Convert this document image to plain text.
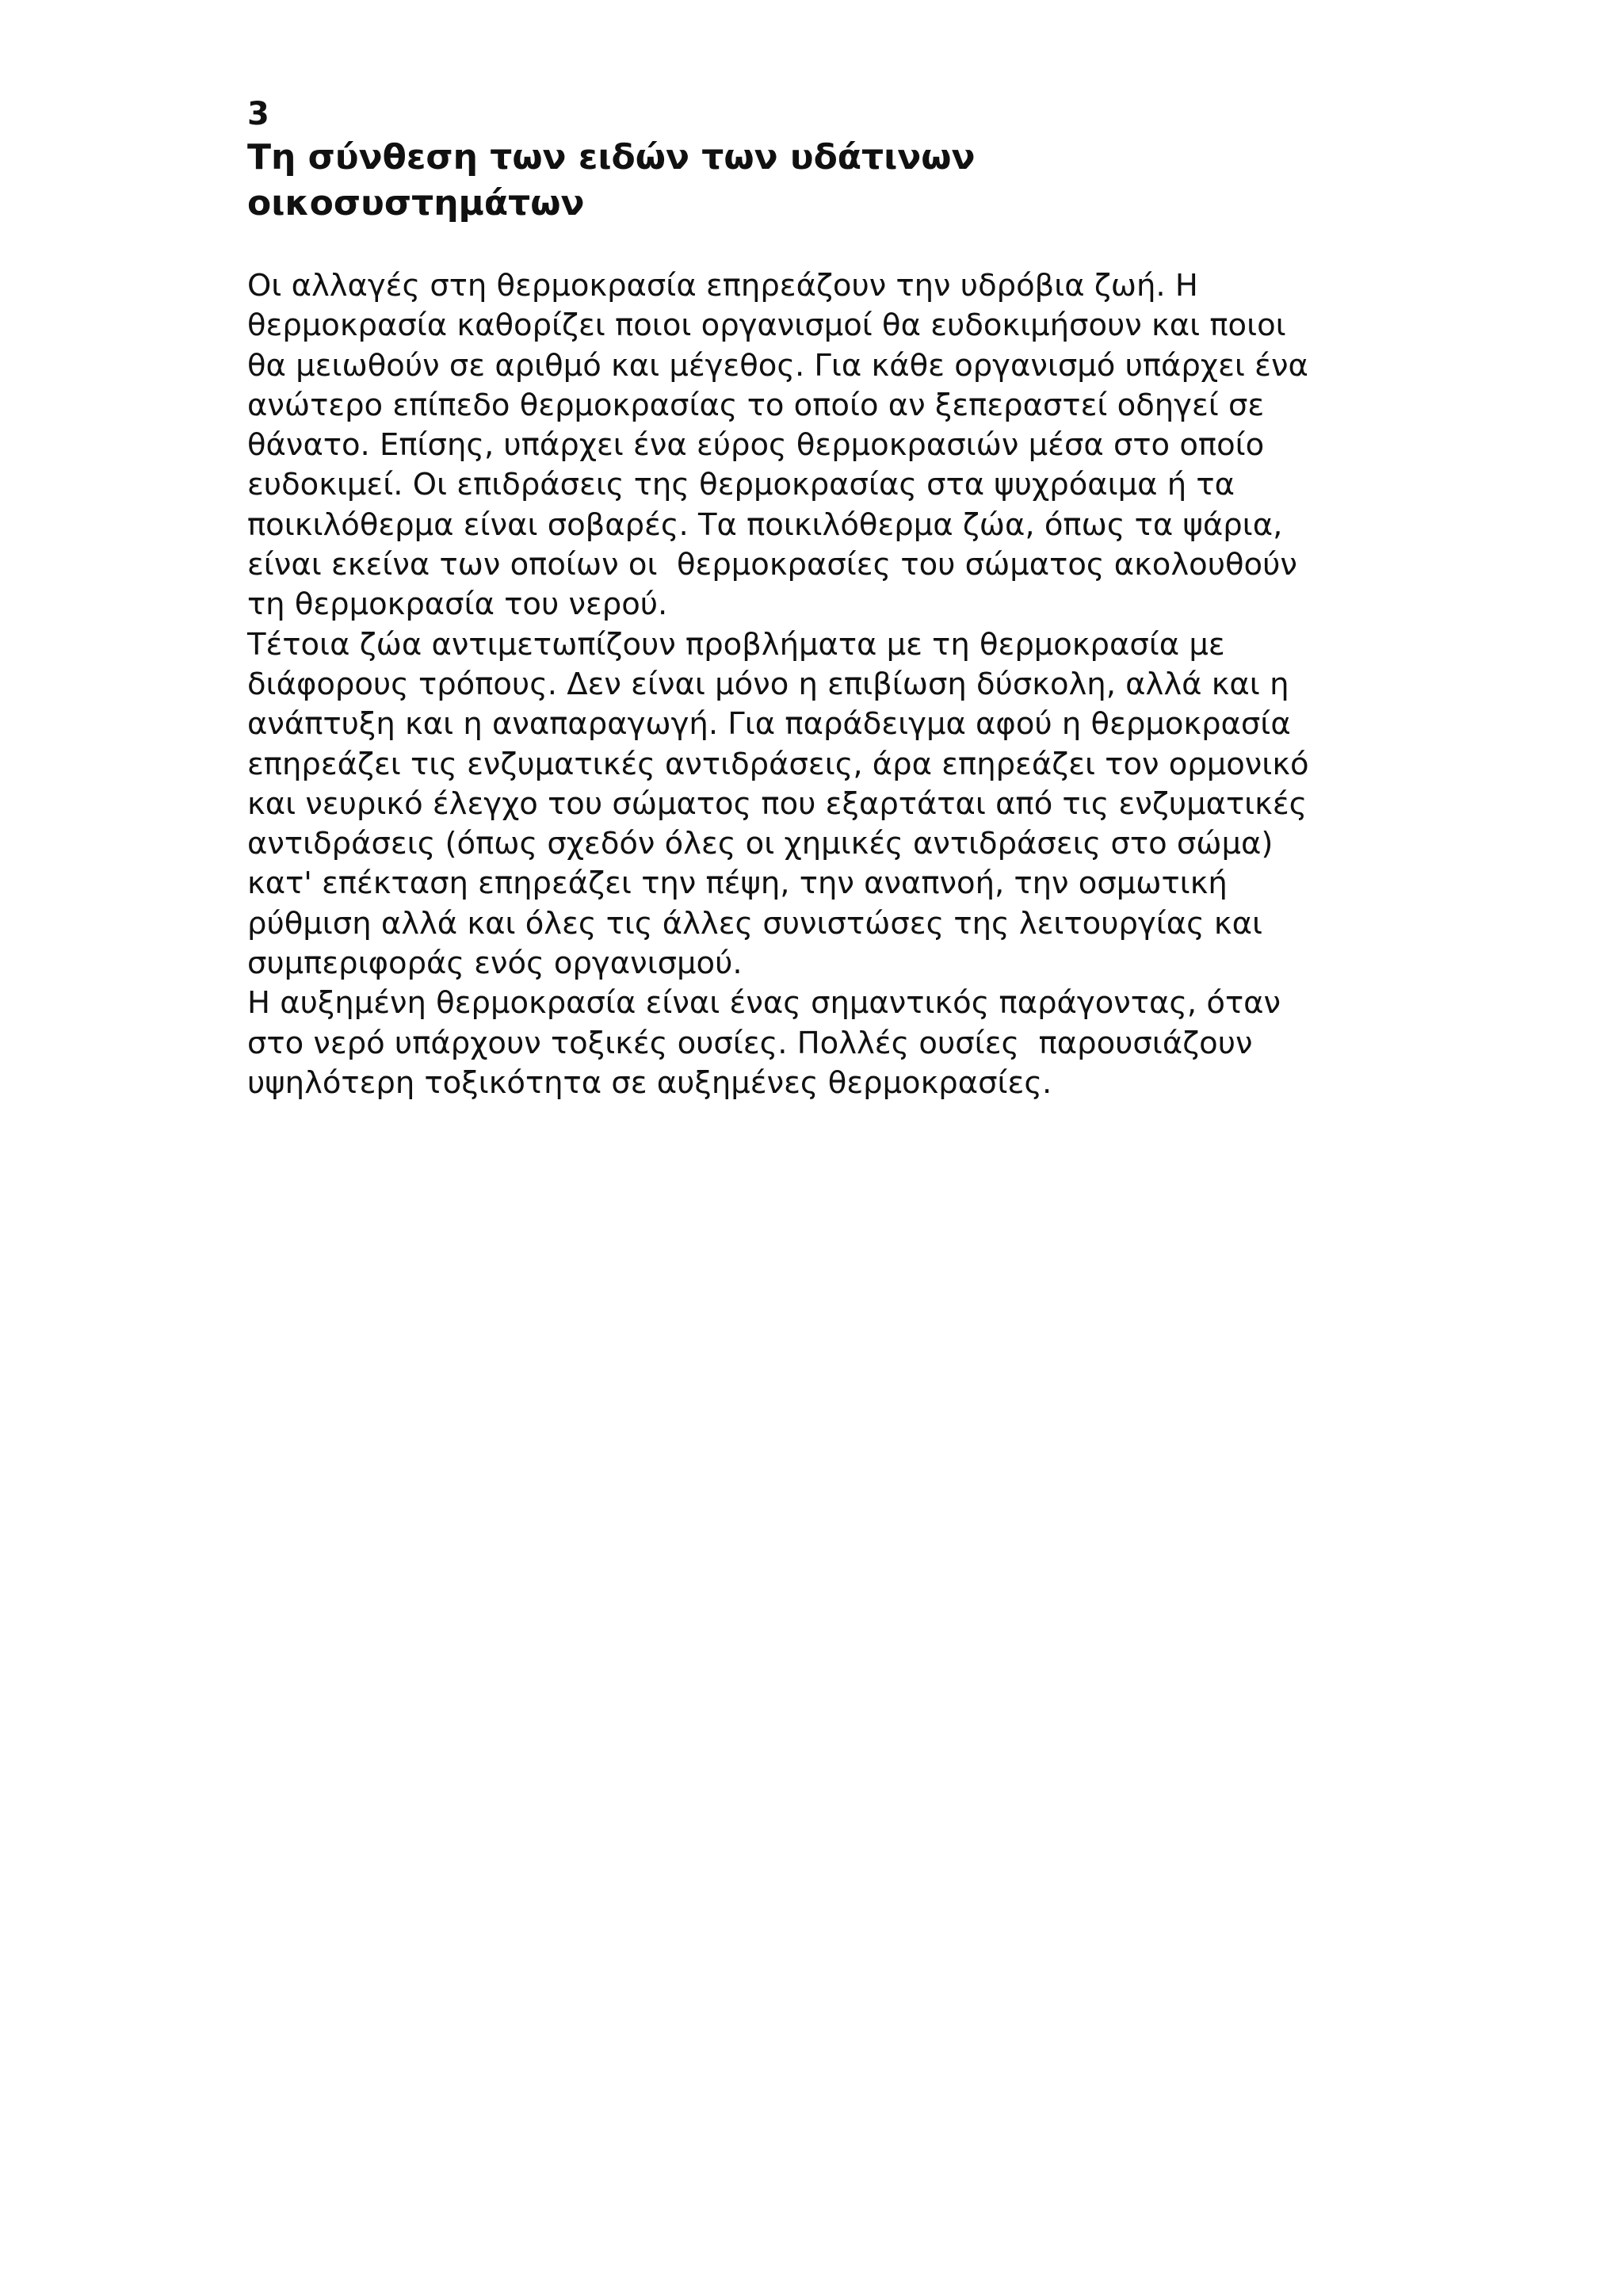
3
Τη σύνθεση των ειδών των υδάτινων οικοσυστημάτων
Οι αλλαγές στη θερμοκρασία επηρεάζουν την υδρόβια ζωή. Η
θερμοκρασία καθορίζει ποιοι οργανισμοί θα ευδοκιμήσουν και ποιοι
θα μειωθούν σε αριθμό και μέγεθος. Για κάθε οργανισμό υπάρχει ένα
ανώτερο επίπεδο θερμοκρασίας το οποίο αν ξεπεραστεί οδηγεί σε
θάνατο. Επίσης, υπάρχει ένα εύρος θερμοκρασιών μέσα στο οποίο
ευδοκιμεί. Οι επιδράσεις της θερμοκρασίας στα ψυχρόαιμα ή τα
ποικιλόθερμα είναι σοβαρές. Τα ποικιλόθερμα ζώα, όπως τα ψάρια,
είναι εκείνα των οποίων οι  θερμοκρασίες του σώματος ακολουθούν
τη θερμοκρασία του νερού.
Τέτοια ζώα αντιμετωπίζουν προβλήματα με τη θερμοκρασία με
διάφορους τρόπους. Δεν είναι μόνο η επιβίωση δύσκολη, αλλά και η
ανάπτυξη και η αναπαραγωγή. Για παράδειγμα αφού η θερμοκρασία
επηρεάζει τις ενζυματικές αντιδράσεις, άρα επηρεάζει τον ορμονικό
και νευρικό έλεγχο του σώματος που εξαρτάται από τις ενζυματικές
αντιδράσεις (όπως σχεδόν όλες οι χημικές αντιδράσεις στο σώμα)
κατ' επέκταση επηρεάζει την πέψη, την αναπνοή, την οσμωτική
ρύθμιση αλλά και όλες τις άλλες συνιστώσες της λειτουργίας και
συμπεριφοράς ενός οργανισμού.
Η αυξημένη θερμοκρασία είναι ένας σημαντικός παράγοντας, όταν
στο νερό υπάρχουν τοξικές ουσίες. Πολλές ουσίες  παρουσιάζουν
υψηλότερη τοξικότητα σε αυξημένες θερμοκρασίες.
